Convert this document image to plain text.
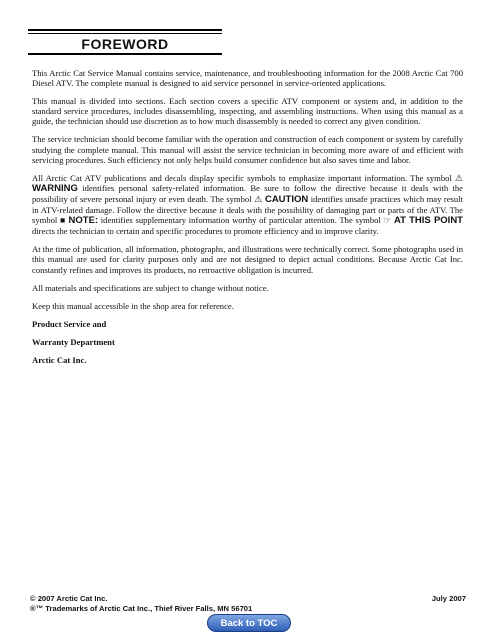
FOREWORD

This Arctic Cat Service Manual contains service, maintenance, and troubleshooting information for the 2008 Arctic Cat 700 Diesel ATV. The complete manual is designed to aid service personnel in service-oriented applications.

This manual is divided into sections. Each section covers a specific ATV component or system and, in addition to the standard service procedures, includes disassembling, inspecting, and assembling instructions. When using this manual as a guide, the technician should use discretion as to how much disassembly is needed to correct any given condition.

The service technician should become familiar with the operation and construction of each component or system by carefully studying the complete manual. This manual will assist the service technician in becoming more aware of and efficient with servicing procedures. Such efficiency not only helps build consumer confidence but also saves time and labor.

All Arctic Cat ATV publications and decals display specific symbols to emphasize important information. The symbol ⚠ WARNING identifies personal safety-related information. Be sure to follow the directive because it deals with the possibility of severe personal injury or even death. The symbol ⚠ CAUTION identifies unsafe practices which may result in ATV-related damage. Follow the directive because it deals with the possibility of damaging part or parts of the ATV. The symbol ■ NOTE: identifies supplementary information worthy of particular attention. The symbol ☞ AT THIS POINT directs the technician to certain and specific procedures to promote efficiency and to improve clarity.

At the time of publication, all information, photographs, and illustrations were technically correct. Some photographs used in this manual are used for clarity purposes only and are not designed to depict actual conditions. Because Arctic Cat Inc. constantly refines and improves its products, no retroactive obligation is incurred.

All materials and specifications are subject to change without notice.

Keep this manual accessible in the shop area for reference.

Product Service and

Warranty Department

Arctic Cat Inc.

© 2007 Arctic Cat Inc.	July 2007
®™ Trademarks of Arctic Cat Inc., Thief River Falls, MN 56701
Back to TOC
